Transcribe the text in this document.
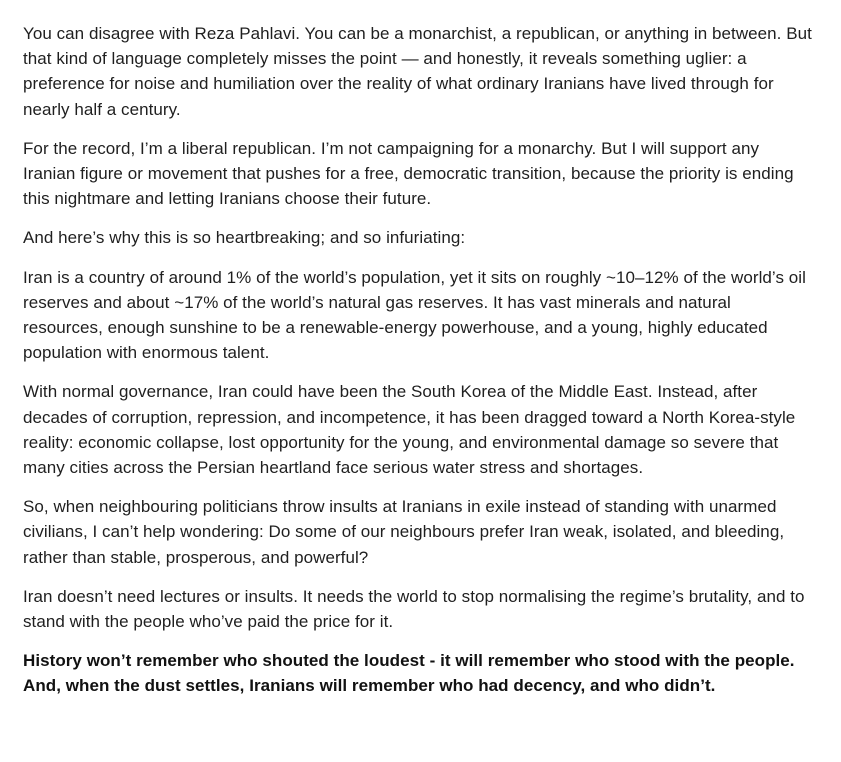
You can disagree with Reza Pahlavi. You can be a monarchist, a republican, or anything in between. But that kind of language completely misses the point — and honestly, it reveals something uglier: a preference for noise and humiliation over the reality of what ordinary Iranians have lived through for nearly half a century.

For the record, I’m a liberal republican. I’m not campaigning for a monarchy. But I will support any Iranian figure or movement that pushes for a free, democratic transition, because the priority is ending this nightmare and letting Iranians choose their future.

And here’s why this is so heartbreaking; and so infuriating:

Iran is a country of around 1% of the world’s population, yet it sits on roughly ~10–12% of the world’s oil reserves and about ~17% of the world’s natural gas reserves. It has vast minerals and natural resources, enough sunshine to be a renewable-energy powerhouse, and a young, highly educated population with enormous talent.

With normal governance, Iran could have been the South Korea of the Middle East. Instead, after decades of corruption, repression, and incompetence, it has been dragged toward a North Korea-style reality: economic collapse, lost opportunity for the young, and environmental damage so severe that many cities across the Persian heartland face serious water stress and shortages.

So, when neighbouring politicians throw insults at Iranians in exile instead of standing with unarmed civilians, I can’t help wondering: Do some of our neighbours prefer Iran weak, isolated, and bleeding, rather than stable, prosperous, and powerful?

Iran doesn’t need lectures or insults. It needs the world to stop normalising the regime’s brutality, and to stand with the people who’ve paid the price for it.

History won’t remember who shouted the loudest - it will remember who stood with the people. And, when the dust settles, Iranians will remember who had decency, and who didn’t.
